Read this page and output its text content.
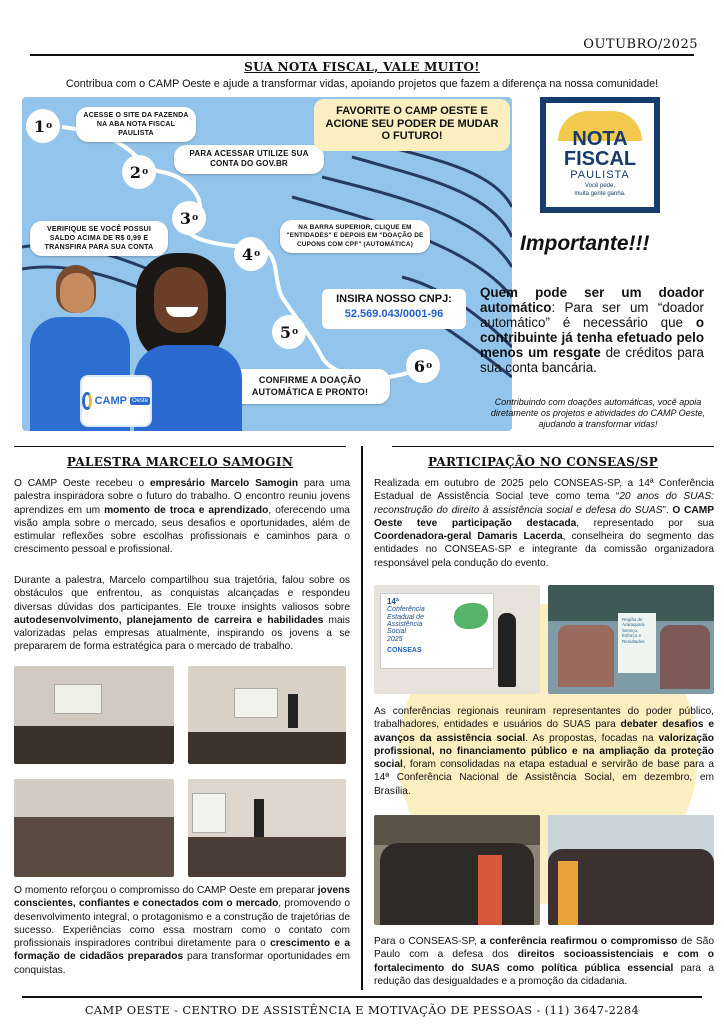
OUTUBRO/2025
SUA NOTA FISCAL, VALE MUITO!
Contribua com o CAMP Oeste e ajude a transformar vidas, apoiando projetos que fazem a diferença na nossa comunidade!
1 o
ACESSE O SITE DA FAZENDA NA ABA NOTA FISCAL PAULISTA
2 o
PARA ACESSAR UTILIZE SUA CONTA DO GOV.BR
3 o
VERIFIQUE SE VOCÊ POSSUI SALDO ACIMA DE R$ 0,99 E TRANSFIRA PARA SUA CONTA	4 o
NA BARRA SUPERIOR, CLIQUE EM "ENTIDADES" E DEPOIS EM "DOAÇÃO DE CUPONS COM CPF" (AUTOMÁTICA)
INSIRA NOSSO CNPJ:
52.569.043/0001-96
5 o
6 o
CONFIRME A DOAÇÃO AUTOMÁTICA E PRONTO!
FAVORITE O CAMP OESTE E ACIONE SEU PODER DE MUDAR O FUTURO!
CAMP Oeste
NOTA
FISCAL
PAULISTA
Você pede,
muita gente ganha.
Importante!!!
Quem pode ser um doador automático: Para ser um “doador automático” é necessário que o contribuinte já tenha efetuado pelo menos um resgate de créditos para sua conta bancária.
Contribuindo com doações automáticas, você apoia diretamente os projetos e atividades do CAMP Oeste, ajudando a transformar vidas!
PALESTRA MARCELO SAMOGIN
O CAMP Oeste recebeu o empresário Marcelo Samogin para uma palestra inspiradora sobre o futuro do trabalho. O encontro reuniu jovens aprendizes em um momento de troca e aprendizado, oferecendo uma visão ampla sobre o mercado, seus desafios e oportunidades, além de estimular reflexões sobre escolhas profissionais e caminhos para o crescimento pessoal e profissional.
Durante a palestra, Marcelo compartilhou sua trajetória, falou sobre os obstáculos que enfrentou, as conquistas alcançadas e respondeu diversas dúvidas dos participantes. Ele trouxe insights valiosos sobre autodesenvolvimento, planejamento de carreira e habilidades mais valorizadas pelas empresas atualmente, inspirando os jovens a se prepararem de forma estratégica para o mercado de trabalho.
O momento reforçou o compromisso do CAMP Oeste em preparar jovens conscientes, confiantes e conectados com o mercado, promovendo o desenvolvimento integral, o protagonismo e a construção de trajetórias de sucesso. Experiências como essa mostram como o contato com profissionais inspiradores contribui diretamente para o crescimento e a formação de cidadãos preparados para transformar oportunidades em conquistas.
PARTICIPAÇÃO NO CONSEAS/SP
Realizada em outubro de 2025 pelo CONSEAS-SP, a 14ª Conferência Estadual de Assistência Social teve como tema “20 anos do SUAS: reconstrução do direito à assistência social e defesa do SUAS”. O CAMP Oeste teve participação destacada, representado por sua Coordenadora-geral Damaris Lacerda, conselheira do segmento das entidades no CONSEAS-SP e integrante da comissão organizadora responsável pela condução do evento.
14ª
Conferência
Estadual de
Assistência
Social
2025
CONSEAS
Região de
Araraquara
Serviço,
Esforço e
Resultados
As conferências regionais reuniram representantes do poder público, trabalhadores, entidades e usuários do SUAS para debater desafios e avanços da assistência social. As propostas, focadas na valorização profissional, no financiamento público e na ampliação da proteção social, foram consolidadas na etapa estadual e servirão de base para a 14ª Conferência Nacional de Assistência Social, em dezembro, em Brasília.
Para o CONSEAS-SP, a conferência reafirmou o compromisso de São Paulo com a defesa dos direitos socioassistenciais e com o fortalecimento do SUAS como política pública essencial para a redução das desigualdades e a promoção da cidadania.
CAMP OESTE - CENTRO DE ASSISTÊNCIA E MOTIVAÇÃO DE PESSOAS - (11) 3647-2284
